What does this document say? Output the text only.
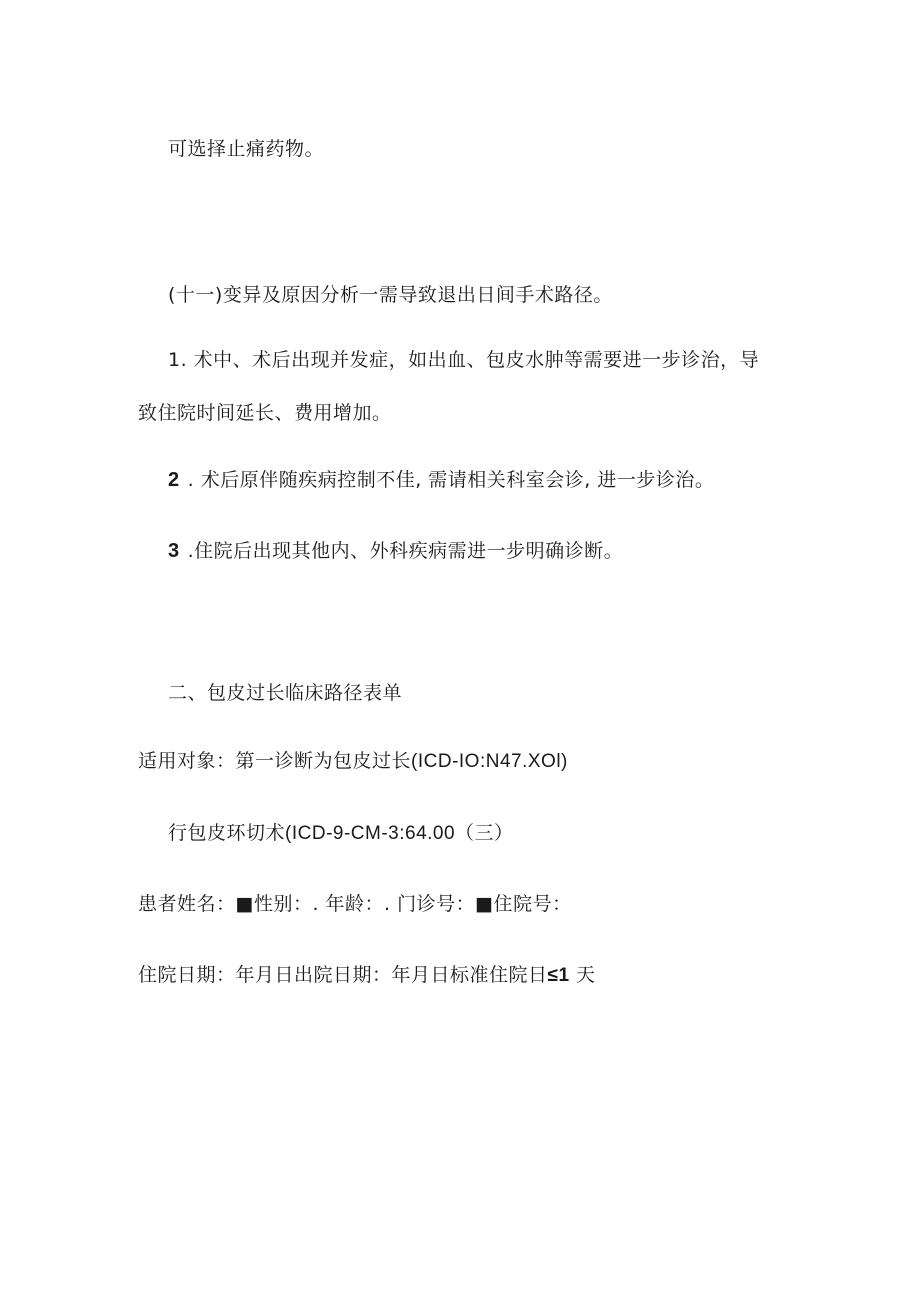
可选择止痛药物。
(十一)变异及原因分析一需导致退出日间手术路径。
1. 术中、术后出现并发症，如出血、包皮水肿等需要进一步诊治，导
致住院时间延长、费用增加。
2 . 术后原伴随疾病控制不佳, 需请相关科室会诊, 进一步诊治。
3 .住院后出现其他内、外科疾病需进一步明确诊断。
二、包皮过长临床路径表单
适用对象：第一诊断为包皮过长(ICD-IO:N47.XOl)
行包皮环切术(ICD-9-CM-3:64.00（三）
患者姓名：■性别：. 年龄：. 门诊号：■住院号：
住院日期：年月日出院日期：年月日标准住院日≤1 天
